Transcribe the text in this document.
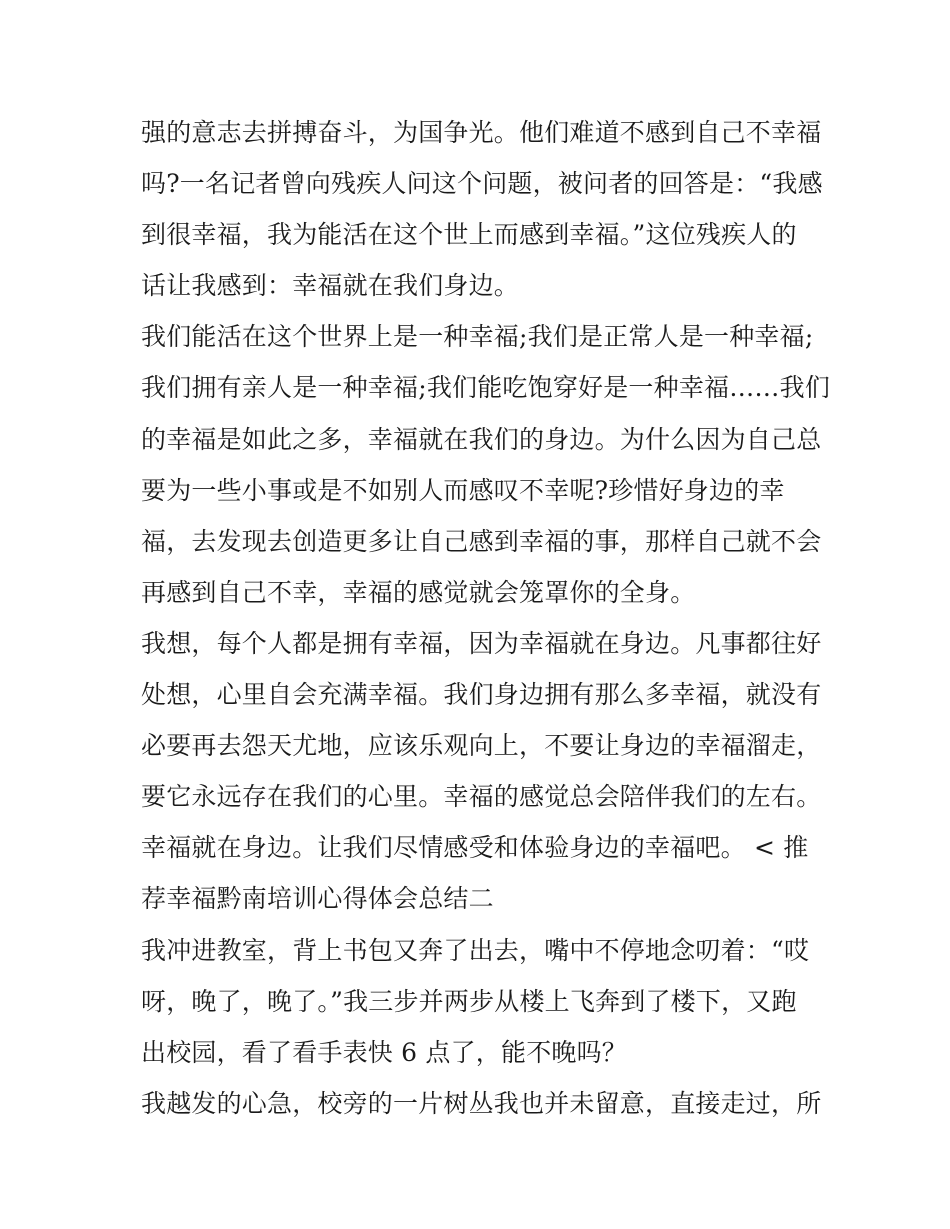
强的意志去拼搏奋斗，为国争光。他们难道不感到自己不幸福
吗?一名记者曾向残疾人问这个问题，被问者的回答是：“我感
到很幸福，我为能活在这个世上而感到幸福。”这位残疾人的
话让我感到：幸福就在我们身边。
我们能活在这个世界上是一种幸福;我们是正常人是一种幸福;
我们拥有亲人是一种幸福;我们能吃饱穿好是一种幸福……我们
的幸福是如此之多，幸福就在我们的身边。为什么因为自己总
要为一些小事或是不如别人而感叹不幸呢?珍惜好身边的幸
福，去发现去创造更多让自己感到幸福的事，那样自己就不会
再感到自己不幸，幸福的感觉就会笼罩你的全身。
我想，每个人都是拥有幸福，因为幸福就在身边。凡事都往好
处想，心里自会充满幸福。我们身边拥有那么多幸福，就没有
必要再去怨天尤地，应该乐观向上，不要让身边的幸福溜走，
要它永远存在我们的心里。幸福的感觉总会陪伴我们的左右。
幸福就在身边。让我们尽情感受和体验身边的幸福吧。 < 推
荐幸福黔南培训心得体会总结二
我冲进教室，背上书包又奔了出去，嘴中不停地念叨着：“哎
呀，晚了，晚了。”我三步并两步从楼上飞奔到了楼下，又跑
出校园，看了看手表快 6 点了，能不晚吗？
我越发的心急，校旁的一片树丛我也并未留意，直接走过，所
